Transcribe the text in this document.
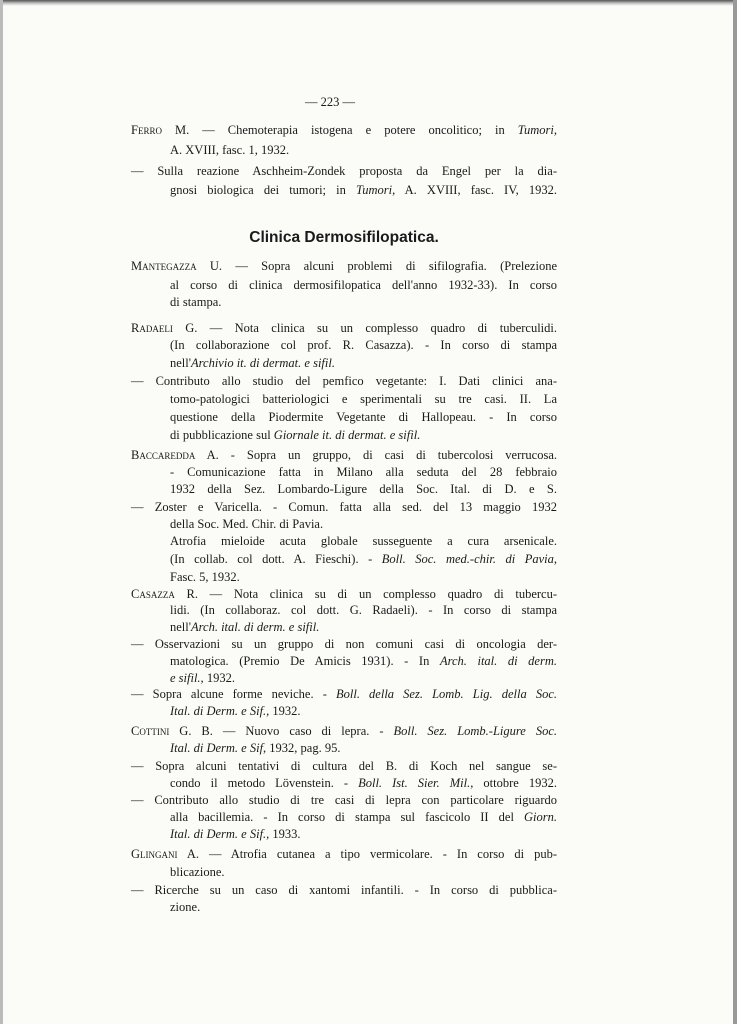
— 223 —
Clinica Dermosifilopatica.
Ferro M. — Chemoterapia istogena e potere oncolitico; in Tumori,
A. XVIII, fasc. 1, 1932.
— Sulla reazione Aschheim-Zondek proposta da Engel per la dia-
gnosi biologica dei tumori; in Tumori, A. XVIII, fasc. IV, 1932.
Mantegazza U. — Sopra alcuni problemi di sifilografia. (Prelezione
al corso di clinica dermosifilopatica dell'anno 1932-33). In corso
di stampa.
Radaeli G. — Nota clinica su un complesso quadro di tuberculidi.
(In collaborazione col prof. R. Casazza). - In corso di stampa
nell'Archivio it. di dermat. e sifil.
— Contributo allo studio del pemfico vegetante: I. Dati clinici ana-
tomo-patologici batteriologici e sperimentali su tre casi. II. La
questione della Piodermite Vegetante di Hallopeau. - In corso
di pubblicazione sul Giornale it. di dermat. e sifil.
Baccaredda A. - Sopra un gruppo, di casi di tubercolosi verrucosa.
- Comunicazione fatta in Milano alla seduta del 28 febbraio
1932 della Sez. Lombardo-Ligure della Soc. Ital. di D. e S.
— Zoster e Varicella. - Comun. fatta alla sed. del 13 maggio 1932
della Soc. Med. Chir. di Pavia.
Atrofia mieloide acuta globale susseguente a cura arsenicale.
(In collab. col dott. A. Fieschi). - Boll. Soc. med.-chir. di Pavia,
Fasc. 5, 1932.
Casazza R. — Nota clinica su di un complesso quadro di tubercu-
lidi. (In collaboraz. col dott. G. Radaeli). - In corso di stampa
nell'Arch. ital. di derm. e sifil.
— Osservazioni su un gruppo di non comuni casi di oncologia der-
matologica. (Premio De Amicis 1931). - In Arch. ital. di derm.
e sifil., 1932.
— Sopra alcune forme neviche. - Boll. della Sez. Lomb. Lig. della Soc.
Ital. di Derm. e Sif., 1932.
Cottini G. B. — Nuovo caso di lepra. - Boll. Sez. Lomb.-Ligure Soc.
Ital. di Derm. e Sif, 1932, pag. 95.
— Sopra alcuni tentativi di cultura del B. di Koch nel sangue se-
condo il metodo Lövenstein. - Boll. Ist. Sier. Mil., ottobre 1932.
— Contributo allo studio di tre casi di lepra con particolare riguardo
alla bacillemia. - In corso di stampa sul fascicolo II del Giorn.
Ital. di Derm. e Sif., 1933.
Glingani A. — Atrofia cutanea a tipo vermicolare. - In corso di pub-
blicazione.
— Ricerche su un caso di xantomi infantili. - In corso di pubblica-
zione.
